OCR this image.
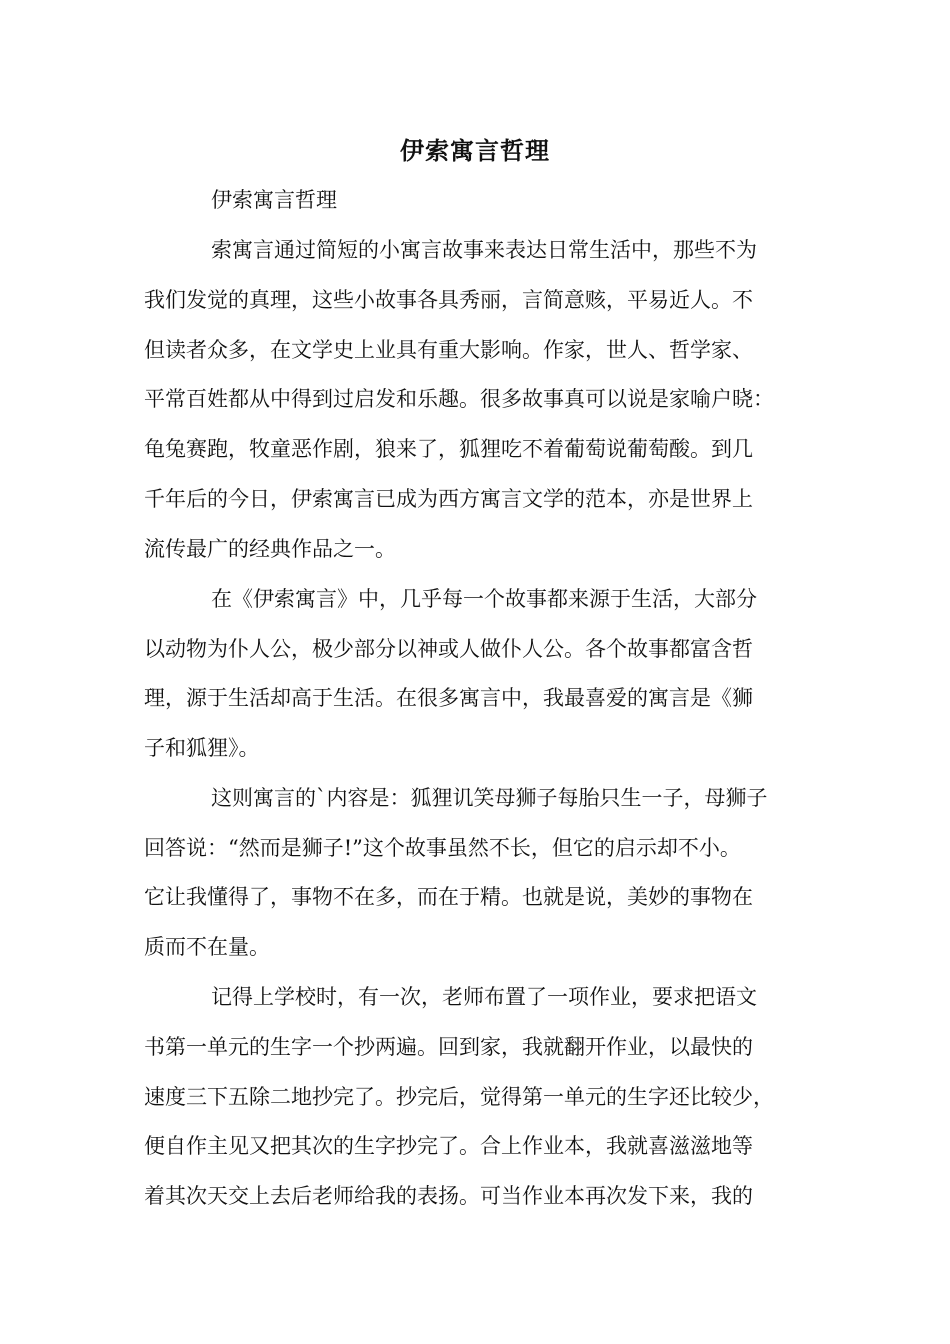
伊索寓言哲理
伊索寓言哲理
索寓言通过简短的小寓言故事来表达日常生活中，那些不为
我们发觉的真理，这些小故事各具秀丽，言简意赅，平易近人。不
但读者众多，在文学史上业具有重大影响。作家，世人、哲学家、
平常百姓都从中得到过启发和乐趣。很多故事真可以说是家喻户晓：
龟兔赛跑，牧童恶作剧，狼来了，狐狸吃不着葡萄说葡萄酸。到几
千年后的今日，伊索寓言已成为西方寓言文学的范本，亦是世界上
流传最广的经典作品之一。
在《伊索寓言》中，几乎每一个故事都来源于生活，大部分
以动物为仆人公，极少部分以神或人做仆人公。各个故事都富含哲
理，源于生活却高于生活。在很多寓言中，我最喜爱的寓言是《狮
子和狐狸》。
这则寓言的`内容是：狐狸讥笑母狮子每胎只生一子，母狮子
回答说：“然而是狮子!”这个故事虽然不长，但它的启示却不小。
它让我懂得了，事物不在多，而在于精。也就是说，美妙的事物在
质而不在量。
记得上学校时，有一次，老师布置了一项作业，要求把语文
书第一单元的生字一个抄两遍。回到家，我就翻开作业，以最快的
速度三下五除二地抄完了。抄完后，觉得第一单元的生字还比较少，
便自作主见又把其次的生字抄完了。合上作业本，我就喜滋滋地等
着其次天交上去后老师给我的表扬。可当作业本再次发下来，我的
